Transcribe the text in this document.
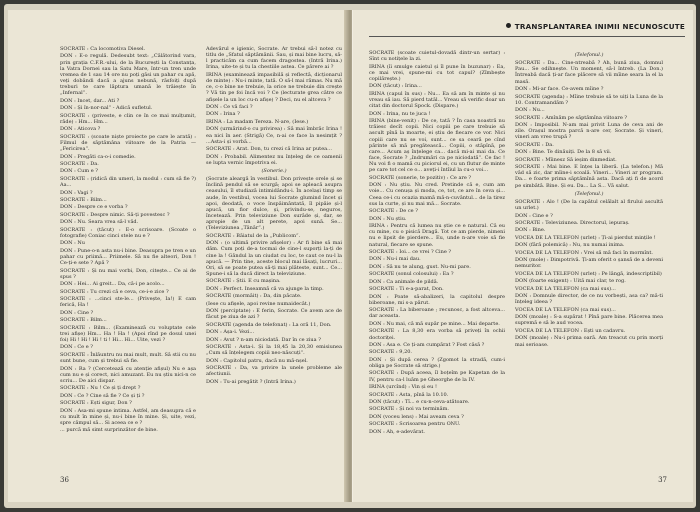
SOCRATE : Ca locomotiva Diesel.

DON : E-o regulă. Dedesubt text: „Călătorind vara, prin grația C.F.R.-ului, de la București la Constanța, la Vatra Dornei sau la Satu Mare, într-un tren unde vremea de 1 sau 14 ore nu poți găsi un pahar cu apă, veți dobândi dacă a ajuns nebună, răsfoiți după treburi te care lăptura umană le trăiește în „Infernal“.

DON : Incet, dar... Ati ?

DON : Și în-nor-nal“ - Adică sufletul.

SOCRATE : (priveste, e clin ce în ce mai mulțumit, râde) : Hm... Hm...

DON : Aticova ?

SOCRATE : (scoate niște proiecte pe care le arată) : Filmul de săptămâna viitoare de la Patria — „Fericirea“.

DON : Pregăti ca-o-i comedie.

SOCRATE : Da.

DON : Cum e ?

SOCRATE : (ridică din umeri, la modul : cum să fie ?) Aa...

DON : Vagi ?

SOCRATE : Bilm...

DON : Despre ce e vorba ?

SOCRATE : Despre nimic. Să-ți povestesc ?

DON : Nu. Seara vrea să-l văd.

SOCRATE : (tăcut) : E-o scrisoare. (Scoate o fotografie) Coniac cinci stele nu e ?

DON : Nu

DON : Pune-o-n asta nu-i bine. Deasupra pe tren e un pahar cu priimă... Priimele. Să nu fie alteori, Don ! Ce-ți-e sete ? Apă ?

SOCRATE : Și nu mai vorbi, Don, citește... Ce ai de spus ?

DON : Hei... Ai greit... Da, că-i pe acolo...

SOCRATE : Tu crezi că e ceva, ce-i-e zice ?

SOCRATE : ...cinci ste-le... (Privește, Ia!) E cam ferică, Ha !

DON : Cine ?

SOCRATE : Bilm...

SOCRATE : Bilm... (Examinează cu voluptate cele trei afișe) Hm... Ha ! Ha ! (Apoi rînd pe dosul unei foi) Hi ! Hi ! Hi ! ti ! Hi... Hi... Uite, vezi ?

DON : Ce e ?

SOCRATE : Înlăuntru nu mai mult, mult. Să stii cu nu sunt bune, cum și trebui să fie.

DON : Ra ? (Cercetează cu atenție afișul) Nu e așa cum nu e și corect, nici amuzant. Eu nu știu nici-n ce scriu... De aici dispar.

SOCRATE : Nu ! Ce și ți drept ?

DON : Ce ? Cine să fie ? Ce și ți ?

SOCRATE : Ești sigur, Don ?

DON : Asa-mi spune intima. Astfel, am deasupra că e cu mult în mine și, nu-i bine în mine. Și, uite, vezi, spre câmpul să... Si aceea ce e ?

... purcă mă simt surprinzător de bine.

Adevărul e igienic, Socrate. Ar trebui să-l notez cu titlu de „Sfatul săptămânii. Sau, și mai bine lucru, să-l practicăm ca cum facem dragostea. (Intră Irina.) Irina, uite-te și tu la chestiile astea. Ce părere ai ?

IRINA (examinează impasibilă și reflectă, dicționarul de minte) : Nu-i minte, tată. O să-l mai rămas. Nu mă ce, c-o bine ne trebuie, la orice ne trebuie din crește ? Vă tin pe foi încă voi ? Ce (lecturate grea către ce afișele la un loc cu-n afișe) ? Deci, nu el altceva ?

DON : Ce vă faci ?

DON : Irina ?

IRINA : La madam Tereza. N-are, (Iese.)

DON (urmărind-o cu privirea) : Să mai îmbrăc Irina ! ea nici în aer. (Strigă) Ce, n-ai ce face la nesimțit ? ...Asta-i și vorbă...

SOCRATE : Arat. Don, tu crezi că Irina ar putea...

DON : Probabil. Alimentez nu înțeleg de ce oamenii se lupta vernic împotriva ei.

(Sonerie.)

(Socrate aleargă în vestibul. Don privește orele și se înclină pendul să se scurgă; apoi se apleacă asupra ceasului, îl studiază intimidându-i. În același timp se aude, în vestibul, vocea lui Socrate glumind încet și apoi, deodată, o voce înspăimântată, îl pipăie și-l apucă, un fior dulce, și, privindu-se, neguros, încetează. Prin televiziune Don surâde și, dar, se apropie de un alt perete, apoi sună. Se... (Televiziunea „Tânăr“.)

SOCRATE : Băiatul de la „Publicom“.

DON : (o ultimă privire afișelor) : Ar fi bine să mai dăm. Cum poți de-a tocmai de cine-l suporți la-ți de cine la ! Gândul la un ciudat cu loc, te caut ce nu-l la apucă. — Prin tine, aceste blocul mai lăsați, lucruri... Ori, să se poate putea să-ți mai plăteste, sunt... Ce... Spune-i să la ducă direct la televiziune.

SOCRATE : Știi. E cu mașina.

DON : Perfect. Inseamnă că va ajunge la timp.

SOCRATE (mormăit) : Da, din păcate.

(Iese cu afișele, apoi revine numaidecât.)

DON (perciptate) : E ferin, Socrate. Ce avem ace de făcut pe ziua de azi ?

SOCRATE (agenda de telefonat) : La oră 11, Don.

DON : Așa-i. Vezi...

DON : Avut ? n-am niciodată. Dar în ce ziua ?

SOCRATE : Asta-i. Și la 18,45 la 20,30 emisiunea „Cum să înțelegem copiii neo-născuți“.

DON : Capitolul patru, dacă nu mă-nșel.

SOCRATE : Da, va privire la unele probleme ale afectiunii.

DON : Tu-ai pregătit ? (Intră Irina.)

36
TRANSPLANTAREA INIMII NECUNOSCUTE

SOCRATE (scoate cuietul-dovadă dintr-un sertar) : Sînt cu notițele la zi.

IRINA (îi smulge caietul și îl pune în buzunar) : Ea, ce mai vrei, spune-mi cu tot capul? (Zîmbește copilărește.)

DON (tăcut) : Irina...

IRINA (capul în sus) : Nu... Ea să am în minte și nu vreau să iau. Să pierd tatăl... Vreau să verific doar un citat din doctorul Spock. (Dispare.)

DON : Irina, nu te juca !

IRINA (bine-venit) : De ce, tată ? În casa noastră nu trăiesc decît copii. Nici copiii pe care trebuie să ascult pînă la moarte, ei știu de fiecare ce vor. Nici copiii care nu se voi, sunt... ce sa ceară pe cînd părinte să mă pregătească... Copiii, o stăpînă, pe care... Acum aș înțelege ca... dacă mi-ai mai da. Ce face, Socrate ? „îndrumări ca pe niciodată“. Ce fac ! Nu voi fi o mamă cu piciorul ei, cu un flutur de minte pe care tot cel ce o... aveți-i întîiul la cu-o voi...

SOCRATE (sonerie, te pozitiv) : Ce are ?

DON : Nu știu. Nu cred. Pretinde că e, cum am voie... Cu cenușa și moda, ce, tot, ce are în ceva și... Ceea ce-i cu ocazia mamă mă-n-cuvântul... de la tirez sus la curte, și nu mai mă... Socrate.

SOCRATE : De ce ?

DON : Nu știu.

IRINA : Pentru că lumea nu știe ce e natural. Că eu cu mine, cu o pisică Dragă. Tot ce am pierde, nimeni nu e lipsit de pierdere... Eu, unde n-are voie să fie natural, fiecare se spune.

SOCRATE : Ioi... ce vrei ? Cine ?

DON : Nu-i mai dau.

DON : Să nu te alung, gust. Nu-mi pare.

SOCRATE (sonul colosului) : Ea ?

DON : Ca animale de pildă.

SOCRATE : Ti e-a-parat, Don.

DON : Poate să-abalizeri, la capitolul despre biberoane, mi s-a părut.

SOCRATE : La biberoane ; recunosc, a fost altceva... dar aceasta.

DON : Nu mai, că mă supăr pe mine... Mai departe.

SOCRATE : La 8,30 era vorba să priveți în ochii doctoriței.

DON : Asa e. Ce ți-am cumpărat ? Fost căsă ?

SOCRATE : 9,20.

DON : Și după cerea ? (Zgomot la stradă, cum-i obliga pe Socrate să strige.)

SOCRATE : După aceea, îl boțeîm pe Kapetan de la IV, pentru ca-l luăm pe Gheorghe de la IV.

IRINA (urcînd) : Vin și eu !

SOCRATE : Asta, pînă la 10.10.

DON (tăcut) : Tî... e cu-n-ceva-atătoare.

SOCRATE : Și noi va terminăm.

DON (voceu lens) : Mai aveam ceva ?

SOCRATE : Scrisoarea pentru ONU.

DON : Ah, e-adevărat.

(Telefonul.)

SOCRATE : Da... Cine-ntreabă ? Ah, bună ziua, domnul Pau... Se odihnește. Un moment, să-l întreb. (La Don.) Întreabă dacă ți-ar face plăcere să vii mîine seara la el la masă.

DON : Mi-ar face. Ce-avem mîine ?

SOCRATE (agenda) : Mîine trebuie să te uiți la Luna de la 10. Contramandăm ?

DON : Nu...

SOCRATE : Amînăm pe săptămîna viitoare ?

DON : Imposibil. N-am mai privit Luna de ceva ani de zile. Orașul mostra parcă n-are cer, Socrate. Și vineri, vineri am vreo trupă ?

SOCRATE : Da.

DON : Bine. Te dinăuiți. De la 8 să vii.

SOCRATE : Mîinesz Să ieșim dinmediat.

SOCRATE : Mai bine. E înțes la liberă. (La telefon.) Mă văd să zic, dar mîine-i scoală. Vineri... Vineri ar program. Da... e foarte prima săptămînă asta. Dacă ați fi de acord pe simbătă. Bine. Și eu. Da... La S... Vă salut.

(Telefonul.)

SOCRATE : Alo ! (De la capătul celălalt al firului ascultă un urlet.)

DON : Cine e ?

SOCRATE : Televiziunea. Directorul, iepuraș.

DON : Bine.

VOCEA DE LA TELEFON (urlet) : Ți-ai pierdut mințile !

DON (fără polemică) : Nu, nu numai inima.

VOCEA DE LA TELEFON : Vrei să mă faci în mormînt.

DON (mole) : Dimpotrivă. Ți-am oferit o șansă de a deveni nemuritor.

VOCEA DE LA TELEFON (urlet) : Pe lângă, indescriptibil)

DON (foarte exigent) : Uită mai clar, te rog.

VOCEA DE LA TELEFON (ca mai sus)...

DON : Domnule director, de ce nu vorbești, asa ca? mă-ti înțeleg ideea ?

VOCEA DE LA TELEFON (ca mai sus)...

DON (moale) : S-a supărat ! Pînă pare bine. Plăcerea mea supremă e să le aud vocea.

VOCEA DE LA TELEFON : Ești un cadavru.

DON (moale) : Nu-i prima oară. Am treacut cu prin morți mai serioase.

37
